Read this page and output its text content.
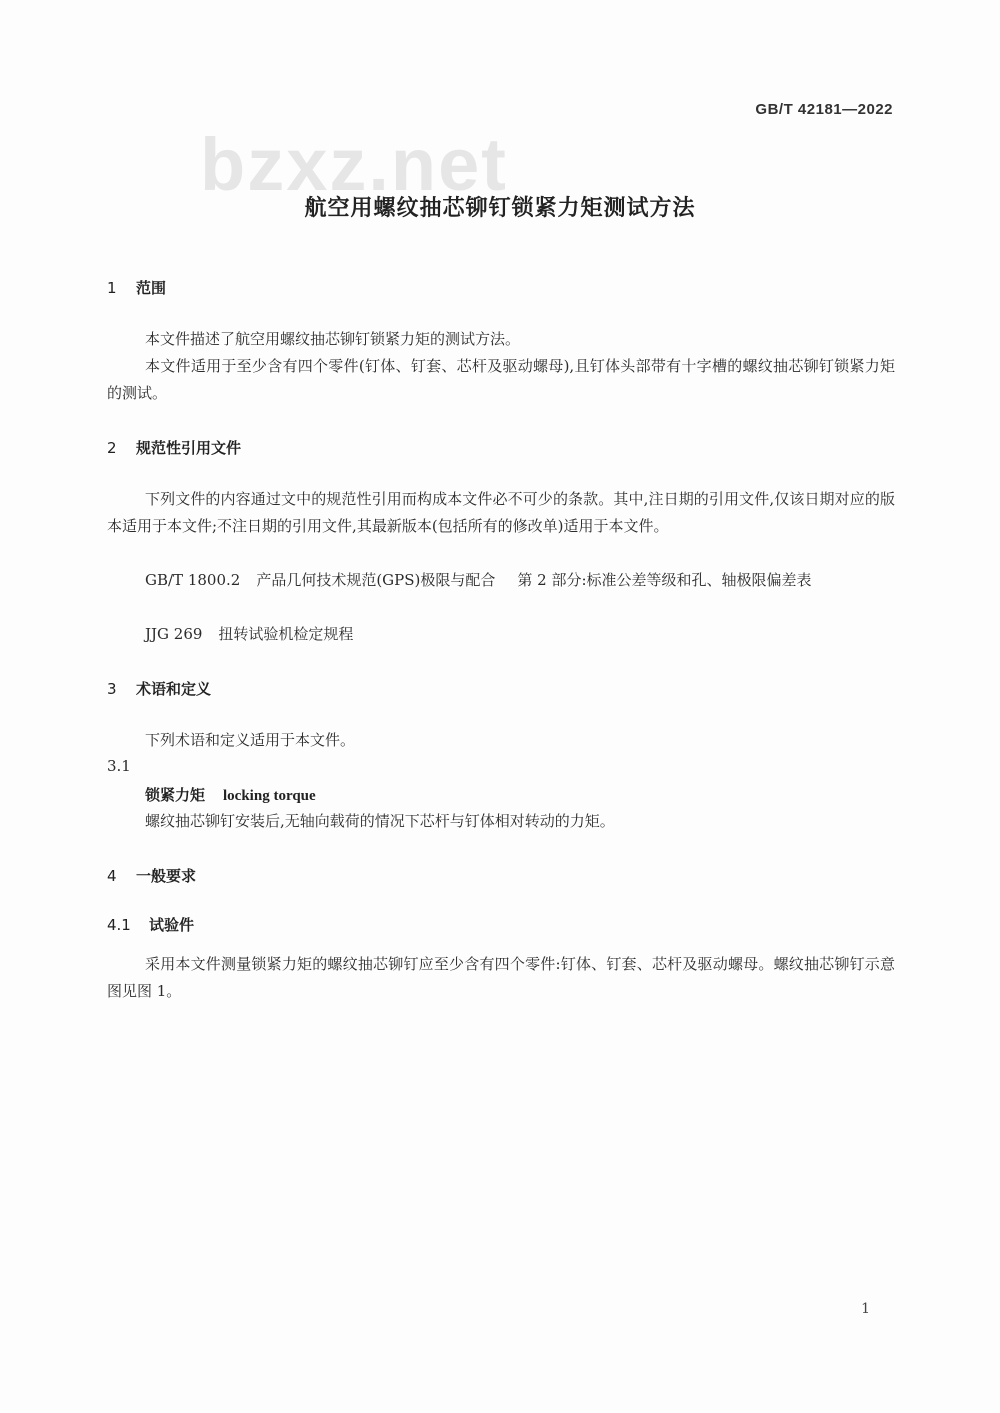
GB/T 42181—2022
bzxz.net
航空用螺纹抽芯铆钉锁紧力矩测试方法
1 范围
本文件描述了航空用螺纹抽芯铆钉锁紧力矩的测试方法。
本文件适用于至少含有四个零件(钉体、钉套、芯杆及驱动螺母),且钉体头部带有十字槽的螺纹抽芯铆钉锁紧力矩的测试。
2 规范性引用文件
下列文件的内容通过文中的规范性引用而构成本文件必不可少的条款。其中,注日期的引用文件,仅该日期对应的版本适用于本文件;不注日期的引用文件,其最新版本(包括所有的修改单)适用于本文件。
GB/T 1800.2 产品几何技术规范(GPS)极限与配合 第 2 部分:标准公差等级和孔、轴极限偏差表
JJG 269 扭转试验机检定规程
3 术语和定义
下列术语和定义适用于本文件。
3.1
锁紧力矩 locking torque
螺纹抽芯铆钉安装后,无轴向载荷的情况下芯杆与钉体相对转动的力矩。
4 一般要求
4.1 试验件
采用本文件测量锁紧力矩的螺纹抽芯铆钉应至少含有四个零件:钉体、钉套、芯杆及驱动螺母。螺纹抽芯铆钉示意图见图 1。
1
